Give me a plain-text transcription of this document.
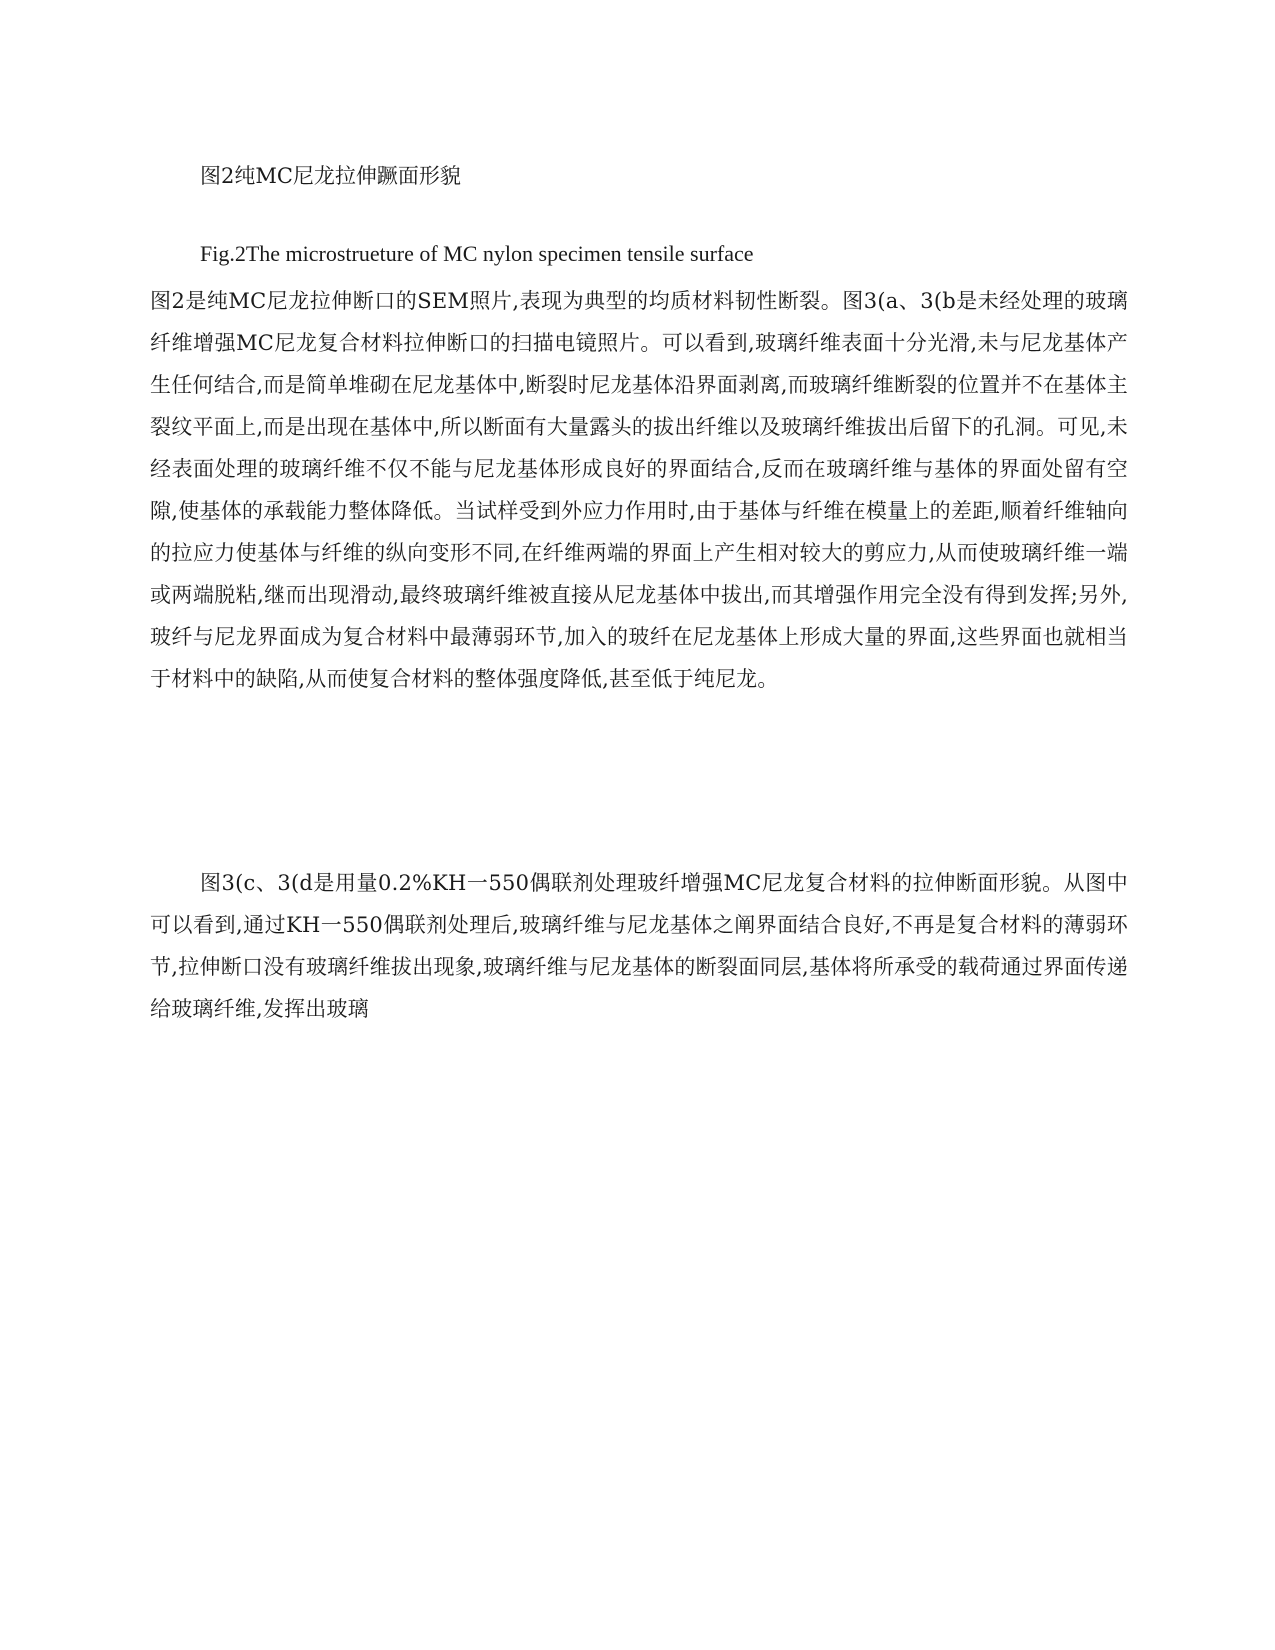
图2纯MC尼龙拉伸蹶面形貌
Fig.2The microstrueture of MC nylon specimen tensile surface

图2是纯MC尼龙拉伸断口的SEM照片,表现为典型的均质材料韧性断裂。图3(a、3(b是未经处理的玻璃纤维增强MC尼龙复合材料拉伸断口的扫描电镜照片。可以看到,玻璃纤维表面十分光滑,未与尼龙基体产生任何结合,而是简单堆砌在尼龙基体中,断裂时尼龙基体沿界面剥离,而玻璃纤维断裂的位置并不在基体主裂纹平面上,而是出现在基体中,所以断面有大量露头的拔出纤维以及玻璃纤维拔出后留下的孔洞。可见,未经表面处理的玻璃纤维不仅不能与尼龙基体形成良好的界面结合,反而在玻璃纤维与基体的界面处留有空隙,使基体的承载能力整体降低。当试样受到外应力作用时,由于基体与纤维在模量上的差距,顺着纤维轴向的拉应力使基体与纤维的纵向变形不同,在纤维两端的界面上产生相对较大的剪应力,从而使玻璃纤维一端或两端脱粘,继而出现滑动,最终玻璃纤维被直接从尼龙基体中拔出,而其增强作用完全没有得到发挥;另外,玻纤与尼龙界面成为复合材料中最薄弱环节,加入的玻纤在尼龙基体上形成大量的界面,这些界面也就相当于材料中的缺陷,从而使复合材料的整体强度降低,甚至低于纯尼龙。

图3(c、3(d是用量0.2%KH一550偶联剂处理玻纤增强MC尼龙复合材料的拉伸断面形貌。从图中可以看到,通过KH一550偶联剂处理后,玻璃纤维与尼龙基体之阐界面结合良好,不再是复合材料的薄弱环节,拉伸断口没有玻璃纤维拔出现象,玻璃纤维与尼龙基体的断裂面同层,基体将所承受的载荷通过界面传递给玻璃纤维,发挥出玻璃
